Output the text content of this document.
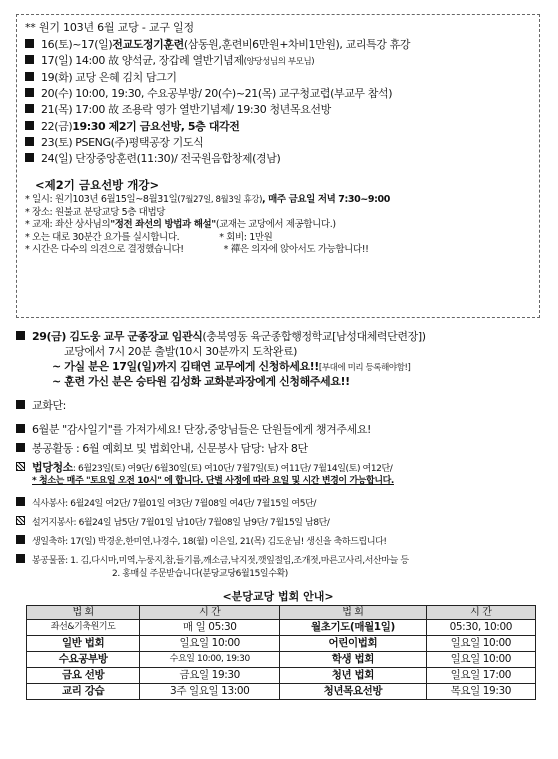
** 원기 103년 6월 교당 - 교구 일정
16(토)~17(일) 전교도정기훈련 (삼동원,훈련비6만원+차비1만원), 교리특강 휴강
17(일) 14:00 故 양석균, 장갑례 열반기념제 (양당성님의 부모님)
19(화) 교당 은혜 김치 담그기
20(수) 10:00, 19:30, 수요공부방/ 20(수)~21(목) 교구청교렵(부교무 참석)
21(목) 17:00 故 조용락 영가 열반기념제/ 19:30 청년목요선방
22(금) 19:30 제2기 금요선방, 5층 대각전
23(토) PSENG(주)평택공장 기도식
24(일) 단장중앙훈련(11:30)/ 전국원음합창제(경남)
<제2기 금요선방 개강>
* 일시: 원기103년 6월15일~8월31일 (7월27일, 8월3일 휴강) , 매주 금요일 저녁 7:30~9:00
* 장소: 원불교 분당교당 5층 대법당
* 교재: 좌산 상사님의 "정전 좌선의 방법과 해설" (교재는 교당에서 제공합니다.)
* 오는 대로 30분간 요가를 실시합니다.	* 회비: 1만원
* 시간은 다수의 의견으로 결정했습니다!	* 禪은 의자에 앉아서도 가능합니다!!
29(금) 김도웅 교무 군종장교 임관식 (충북영동 육군종합행정학교[남성대체력단련장])
교당에서 7시 20분 출발(10시 30분까지 도착완료)
~ 가실 분은 17일(일)까지 김태연 교무에게 신청하세요!! [부대에 미리 등록해야함!]
~ 훈련 가신 분은 승타원 김성화 교화분과장에게 신청해주세요!!
교화단:
6월분 "감사일기"를 가져가세요! 단장,중앙님들은 단원들에게 챙겨주세요!
봉공활동 : 6월 예회보 및 법회안내, 신문봉사 담당: 남자 8단
법당청소 : 6월23일(토) 여9단/ 6월30일(토) 여10단/ 7월7일(토) 여11단/ 7월14일(토) 여12단/
* 청소는 매주 "토요일 오전 10시" 에 합니다. 단별 사정에 따라 요일 및 시간 변경이 가능합니다.
식사봉사: 6월24일 여2단/ 7월01일 여3단/ 7월08일 여4단/ 7월15일 여5단/
설거지봉사: 6월24일 남5단/ 7월01일 남10단/ 7월08일 남9단/ 7월15일 남8단/
생일축하: 17(일) 박경운,한미연,나경수, 18(월) 이은일, 21(목) 김도운님! 생신을 축하드립니다!
봉공물품: 1. 김,다시마,미역,누룽지,참,들기름,깨소금,낙지젓,깻잎절임,조개젓,마른고사리,서산마늘 등
2. 홍매실 주문받습니다(분당교당6월15일수확)
<분당교당 법회 안내>
법 회	시 간	법 회	시 간
좌선&기축원기도	매 일 05:30	월초기도(매월1일)	05:30, 10:00
일반 법회	일요일 10:00	어린이법회	일요일 10:00
수요공부방	수요일 10:00, 19:30	학생 법회	일요일 10:00
금요 선방	금요일 19:30	청년 법회	일요일 17:00
교리 강습	3주 일요일 13:00	청년목요선방	목요일 19:30
